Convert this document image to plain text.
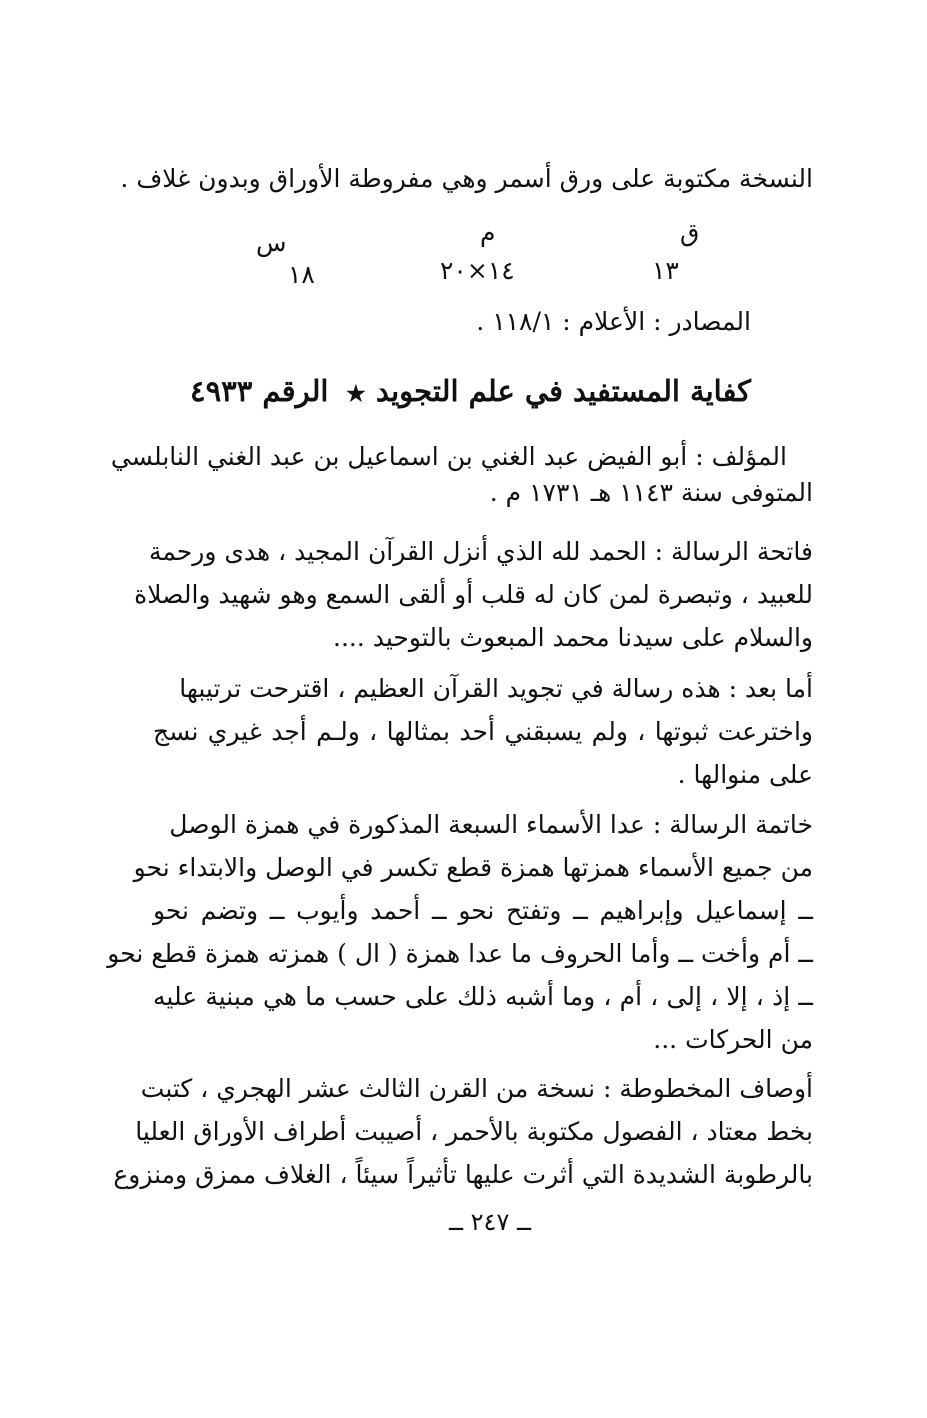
النسخة مكتوبة على ورق أسمر وهي مفروطة الأوراق وبدون غلاف .
ق
م
س
١٣
١٤×٢٠
١٨
المصادر : الأعلام : ١١٨/١ .
كفاية المستفيد في علم التجويد ★
الرقم ٤٩٣٣
المؤلف : أبو الفيض عبد الغني بن اسماعيل بن عبد الغني النابلسي
المتوفى سنة ١١٤٣ هـ ١٧٣١ م .
فاتحة الرسالة : الحمد لله الذي أنزل القرآن المجيد ، هدى ورحمة
للعبيد ، وتبصرة لمن كان له قلب أو ألقى السمع وهو شهيد والصلاة
والسلام على سيدنا محمد المبعوث بالتوحيد ....
أما بعد : هذه رسالة في تجويد القرآن العظيم ، اقترحت ترتيبها
واخترعت ثبوتها ، ولم يسبقني أحد بمثالها ، ولـم أجد غيري نسج
على منوالها .
خاتمة الرسالة : عدا الأسماء السبعة المذكورة في همزة الوصل
من جميع الأسماء همزتها همزة قطع تكسر في الوصل والابتداء نحو
ــ إسماعيل وإبراهيم ــ وتفتح نحو ــ أحمد وأيوب ــ وتضم نحو
ــ أم وأخت ــ وأما الحروف ما عدا همزة ( ال ) همزته همزة قطع نحو
ــ إذ ، إلا ، إلى ، أم ، وما أشبه ذلك على حسب ما هي مبنية عليه
من الحركات ...
أوصاف المخطوطة : نسخة من القرن الثالث عشر الهجري ، كتبت
بخط معتاد ، الفصول مكتوبة بالأحمر ، أصيبت أطراف الأوراق العليا
بالرطوبة الشديدة التي أثرت عليها تأثيراً سيئاً ، الغلاف ممزق ومنزوع
ــ ٢٤٧ ــ
